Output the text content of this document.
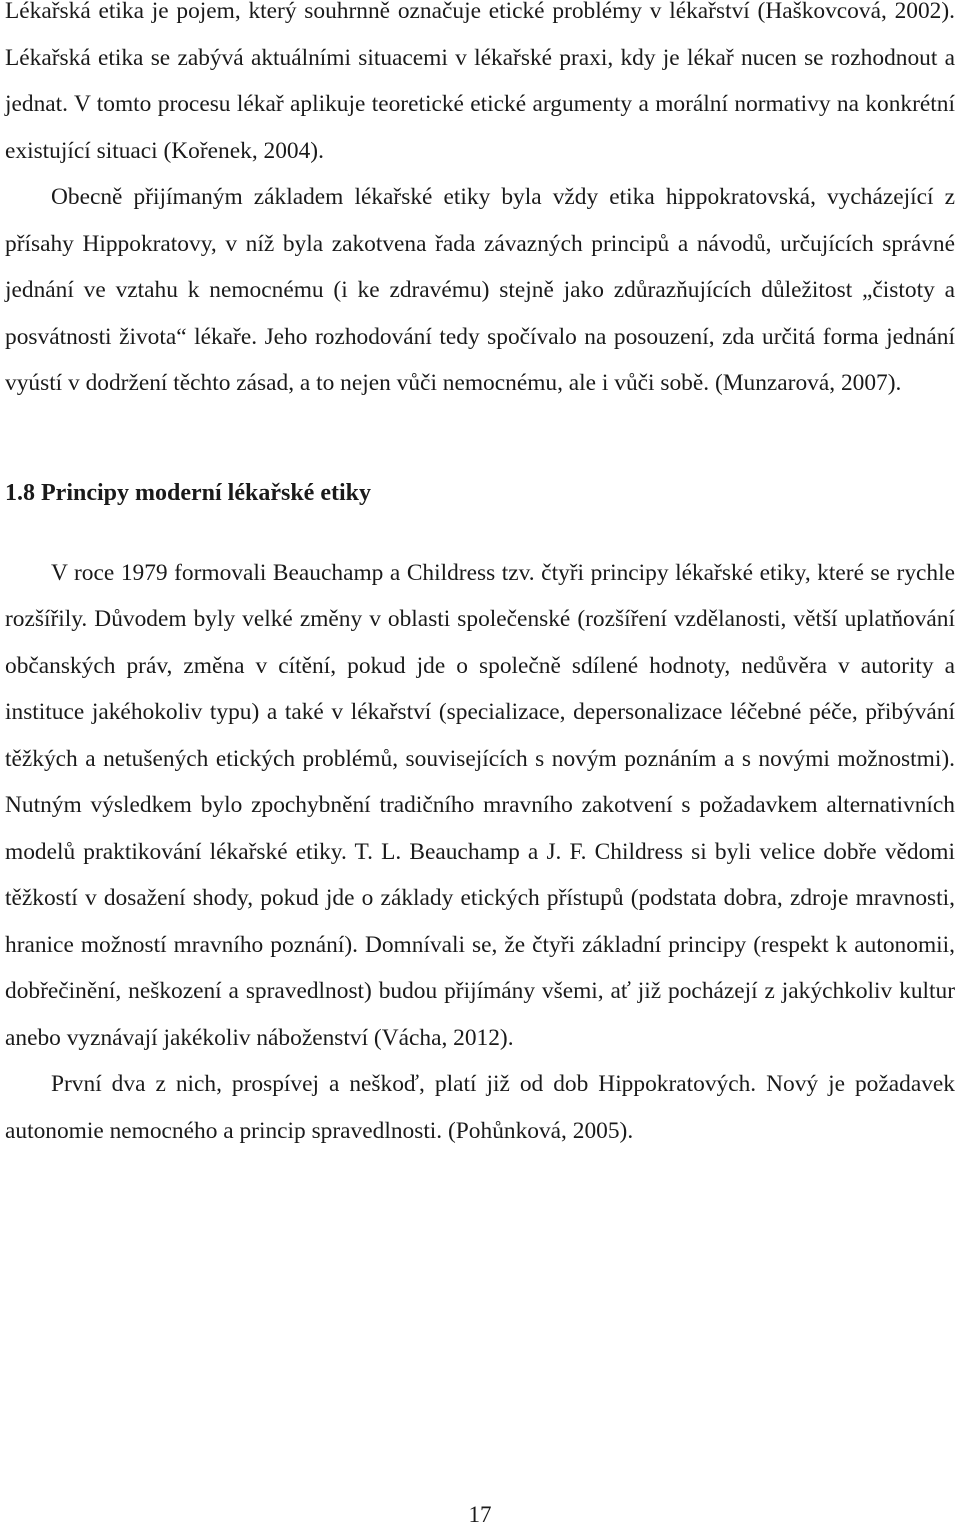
Lékařská etika je pojem, který souhrnně označuje etické problémy v lékařství (Haškovcová, 2002). Lékařská etika se zabývá aktuálními situacemi v lékařské praxi, kdy je lékař nucen se rozhodnout a jednat. V tomto procesu lékař aplikuje teoretické etické argumenty a morální normativy na konkrétní existující situaci (Kořenek, 2004).

Obecně přijímaným základem lékařské etiky byla vždy etika hippokratovská, vycházející z přísahy Hippokratovy, v níž byla zakotvena řada závazných principů a návodů, určujících správné jednání ve vztahu k nemocnému (i ke zdravému) stejně jako zdůrazňujících důležitost „čistoty a posvátnosti života“ lékaře. Jeho rozhodování tedy spočívalo na posouzení, zda určitá forma jednání vyústí v dodržení těchto zásad, a to nejen vůči nemocnému, ale i vůči sobě. (Munzarová, 2007).

1.8 Principy moderní lékařské etiky

V roce 1979 formovali Beauchamp a Childress tzv. čtyři principy lékařské etiky, které se rychle rozšířily. Důvodem byly velké změny v oblasti společenské (rozšíření vzdělanosti, větší uplatňování občanských práv, změna v cítění, pokud jde o společně sdílené hodnoty, nedůvěra v autority a instituce jakéhokoliv typu) a také v lékařství (specializace, depersonalizace léčebné péče, přibývání těžkých a netušených etických problémů, souvisejících s novým poznáním a s novými možnostmi). Nutným výsledkem bylo zpochybnění tradičního mravního zakotvení s požadavkem alternativních modelů praktikování lékařské etiky. T. L. Beauchamp a J. F. Childress si byli velice dobře vědomi těžkostí v dosažení shody, pokud jde o základy etických přístupů (podstata dobra, zdroje mravnosti, hranice možností mravního poznání). Domnívali se, že čtyři základní principy (respekt k autonomii, dobřečinění, neškození a spravedlnost) budou přijímány všemi, ať již pocházejí z jakýchkoliv kultur anebo vyznávají jakékoliv náboženství (Vácha, 2012).

První dva z nich, prospívej a neškoď, platí již od dob Hippokratových. Nový je požadavek autonomie nemocného a princip spravedlnosti. (Pohůnková, 2005).

17
